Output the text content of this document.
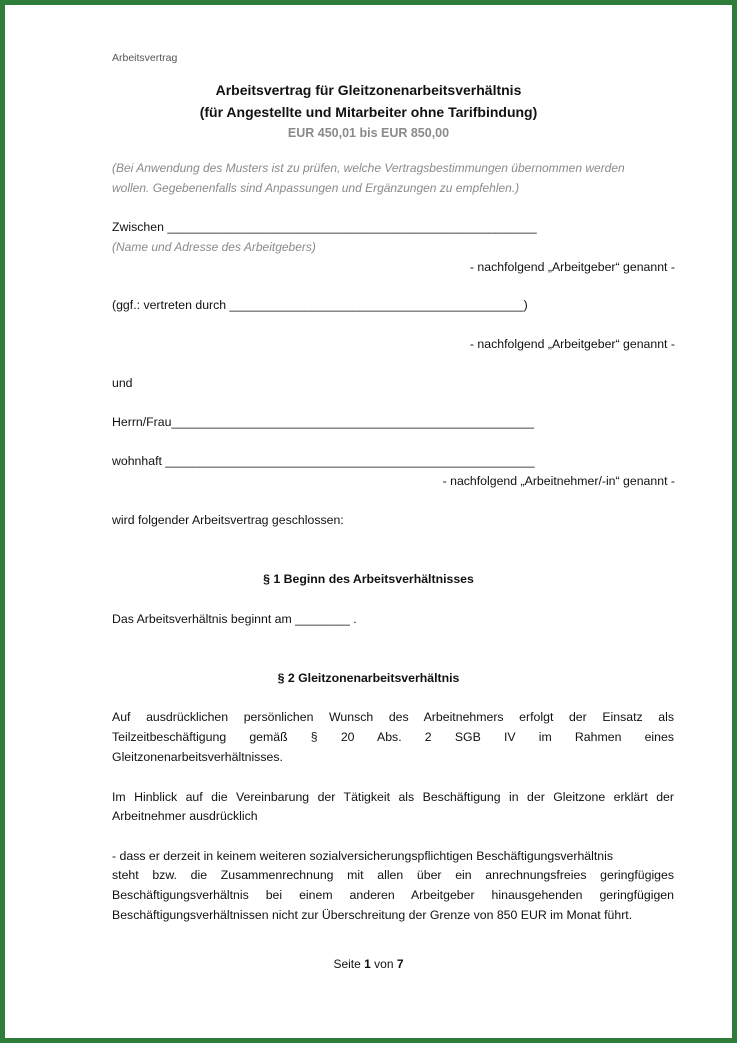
Arbeitsvertrag
Arbeitsvertrag für Gleitzonenarbeitsverhältnis
(für Angestellte und Mitarbeiter ohne Tarifbindung)
EUR 450,01 bis EUR 850,00
(Bei Anwendung des Musters ist zu prüfen, welche Vertragsbestimmungen übernommen werden
wollen. Gegebenenfalls sind Anpassungen und Ergänzungen zu empfehlen.)
Zwischen ______________________________________________________
(Name und Adresse des Arbeitgebers)
- nachfolgend „Arbeitgeber“ genannt -
(ggf.: vertreten durch ___________________________________________)
- nachfolgend „Arbeitgeber“ genannt -
und
Herrn/Frau_____________________________________________________
wohnhaft ______________________________________________________
- nachfolgend „Arbeitnehmer/-in“ genannt -
wird folgender Arbeitsvertrag geschlossen:
§ 1 Beginn des Arbeitsverhältnisses
Das Arbeitsverhältnis beginnt am ________ .
§ 2 Gleitzonenarbeitsverhältnis
Auf ausdrücklichen persönlichen Wunsch des Arbeitnehmers erfolgt der Einsatz als
Teilzeitbeschäftigung gemäß § 20 Abs. 2 SGB IV im Rahmen eines
Gleitzonenarbeitsverhältnisses.
Im Hinblick auf die Vereinbarung der Tätigkeit als Beschäftigung in der Gleitzone erklärt der
Arbeitnehmer ausdrücklich
- dass er derzeit in keinem weiteren sozialversicherungspflichtigen Beschäftigungsverhältnis
steht bzw. die Zusammenrechnung mit allen über ein anrechnungsfreies geringfügiges
Beschäftigungsverhältnis bei einem anderen Arbeitgeber hinausgehenden geringfügigen
Beschäftigungsverhältnissen nicht zur Überschreitung der Grenze von 850 EUR im Monat führt.
Seite 1 von 7
